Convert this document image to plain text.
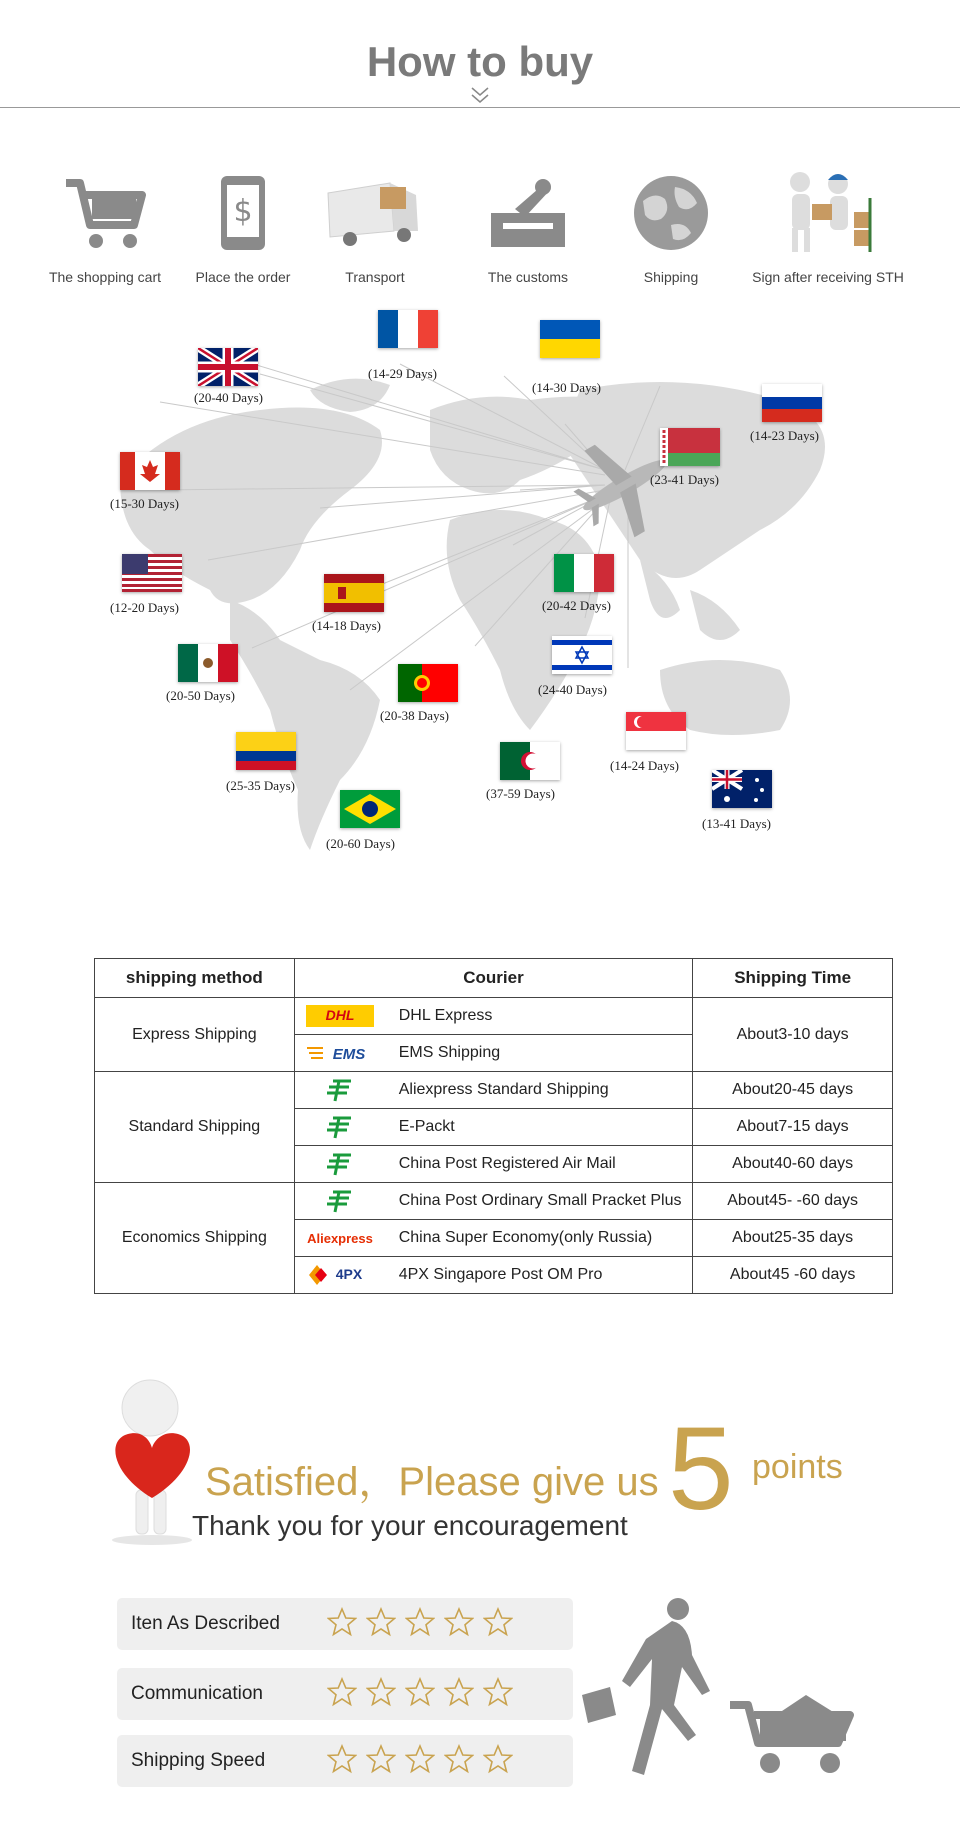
How to buy
The shopping cart
$
Place the order	Transport	The customs	Shipping	Sign after receiving STH
(20-40 Days)
(14-29 Days)
(14-30 Days)
(23-41 Days)
(14-23 Days)
(15-30 Days)
(12-20 Days)
(14-18 Days)
(20-42 Days)
(20-50 Days)
(20-38 Days)
(24-40 Days)
(14-24 Days)
(25-35 Days)
(37-59 Days)
(13-41 Days)
(20-60 Days)
shipping method	Courier	Shipping Time
Express Shipping	DHL DHL Express	About3-10 days

EMS EMS Shipping	

Standard Shipping	Aliexpress Standard Shipping	About20-45 days

	E-Packt	About7-15 days

	China Post Registered Air Mail	About40-60 days
Economics Shipping	China Post Ordinary Small Pracket Plus	About45- -60 days

Aliexpress China Super Economy(only Russia)	About25-35 days

4PX 4PX Singapore Post OM Pro	About45 -60 days
Satisfied，Please give us 5 points
Thank you for your encouragement
Iten As Described
Communication
Shipping Speed
